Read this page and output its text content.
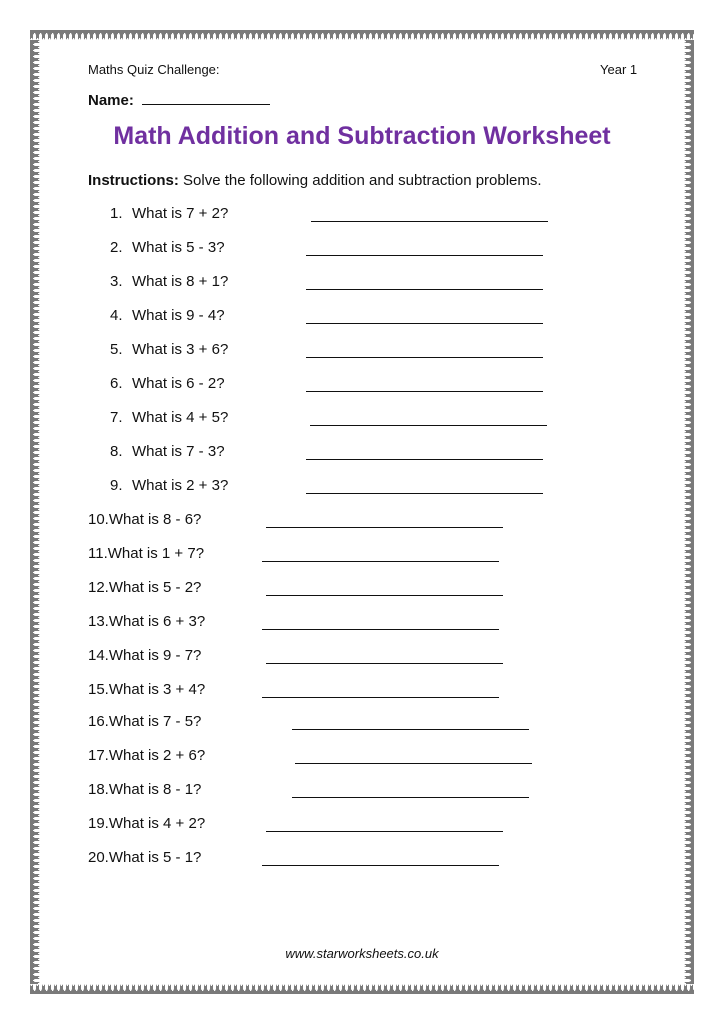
Maths Quiz Challenge:	Year 1
Name:
Math Addition and Subtraction Worksheet
Instructions: Solve the following addition and subtraction problems.
1. What is 7 + 2?
2. What is 5 - 3?
3. What is 8 + 1?
4. What is 9 - 4?
5. What is 3 + 6?
6. What is 6 - 2?
7. What is 4 + 5?
8. What is 7 - 3?
9. What is 2 + 3?
10.What is 8 - 6?
11.What is 1 + 7?
12.What is 5 - 2?
13.What is 6 + 3?
14.What is 9 - 7?
15.What is 3 + 4?
16.What is 7 - 5?
17.What is 2 + 6?
18.What is 8 - 1?
19.What is 4 + 2?
20.What is 5 - 1?
www.starworksheets.co.uk
